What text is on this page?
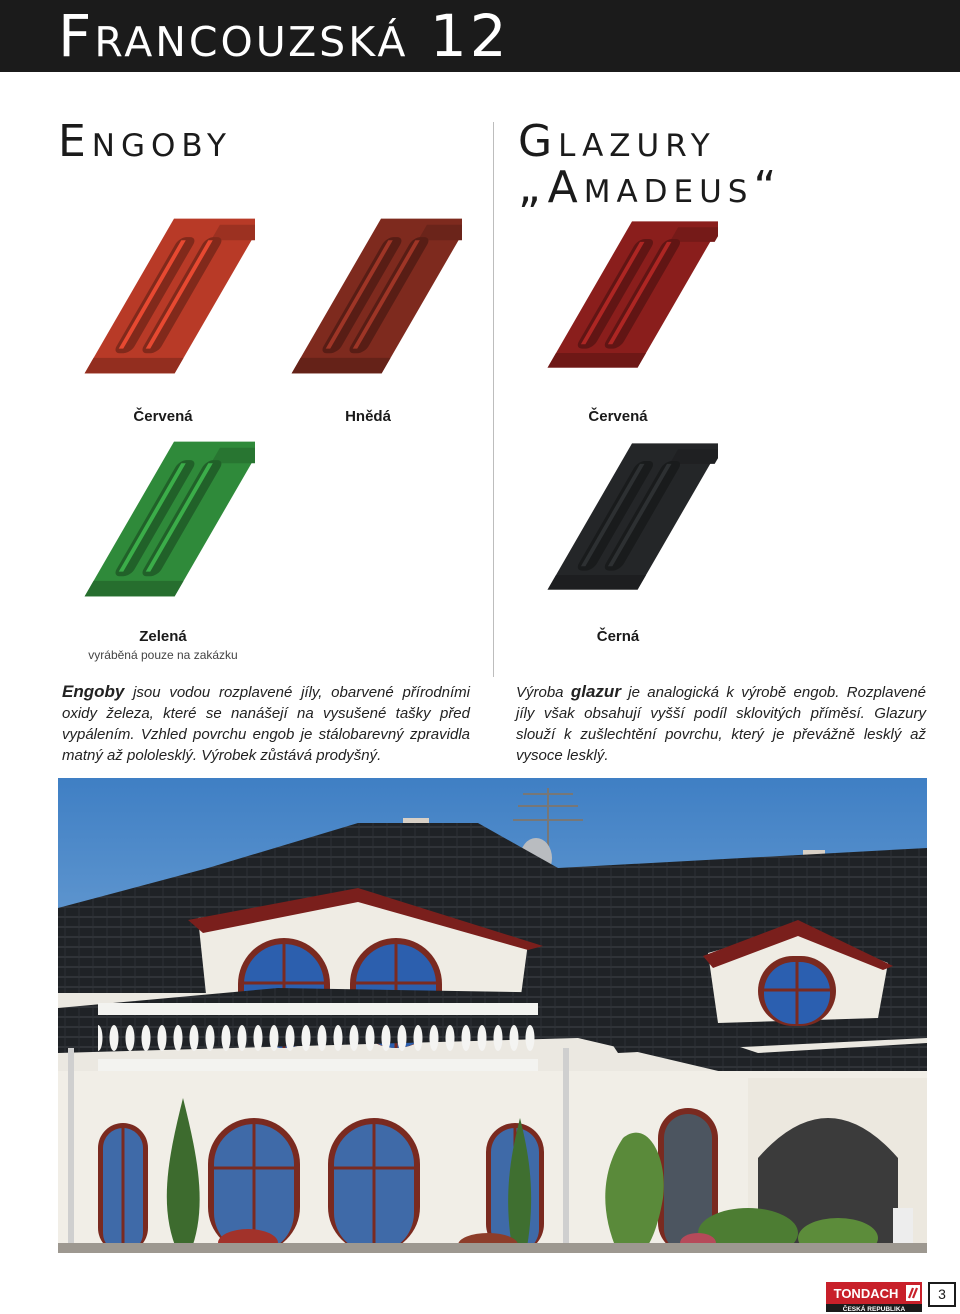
Francouzská 12
Engoby	Glazury
„Amadeus“
Červená	Hnědá	Červená
Zelená
vyráběná pouze na zakázku
Černá
Engoby jsou vodou rozplavené jíly, obarvené přírodními oxidy železa, které se nanášejí na vysušené tašky před vypálením. Vzhled povrchu engob je stálobarevný zpravidla matný až pololesklý. Výrobek zůstává prodyšný.
Výroba glazur je analogická k výrobě engob. Rozplavené jíly však obsahují vyšší podíl sklovitých příměsí. Glazury slouží k zušlechtění povrchu, který je převážně lesklý až vysoce lesklý.
TONDACH
ČESKÁ REPUBLIKA
3
